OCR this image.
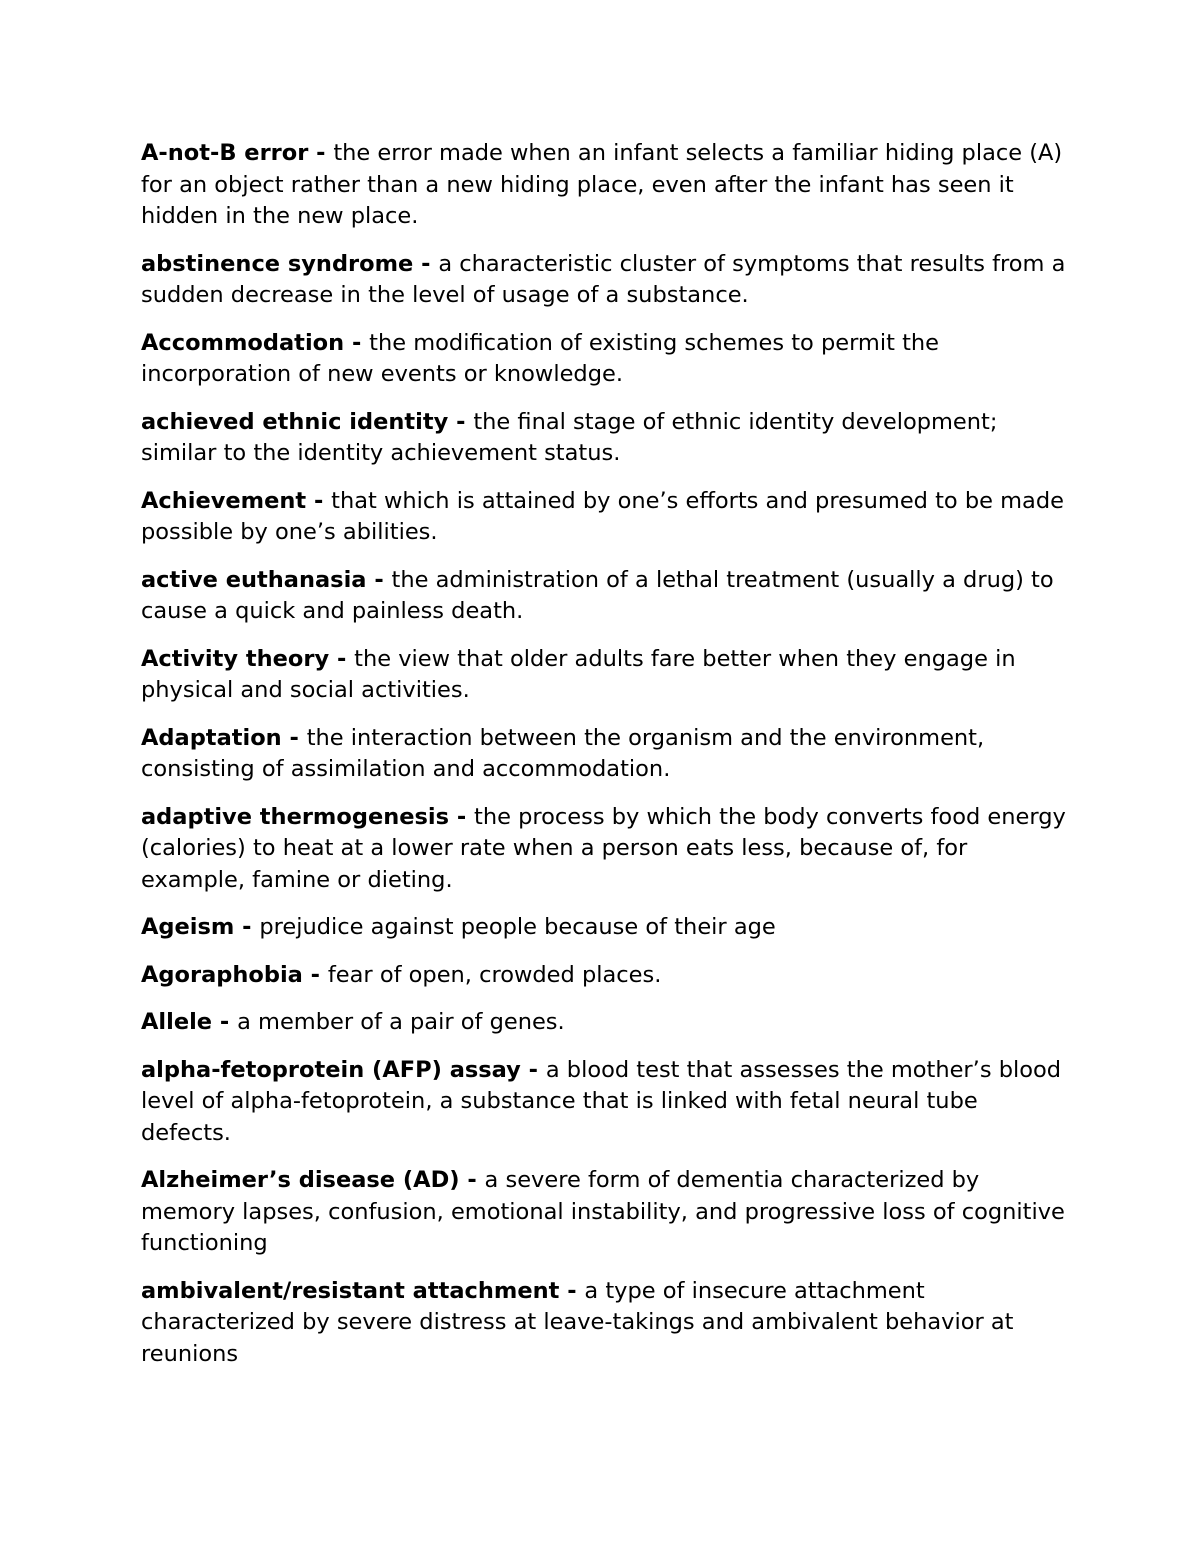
A-not-B error - the error made when an infant selects a familiar hiding place (A) for an object rather than a new hiding place, even after the infant has seen it hidden in the new place.

abstinence syndrome - a characteristic cluster of symptoms that results from a sudden decrease in the level of usage of a substance.

Accommodation - the modification of existing schemes to permit the incorporation of new events or knowledge.

achieved ethnic identity - the final stage of ethnic identity development; similar to the identity achievement status.

Achievement - that which is attained by one’s efforts and presumed to be made possible by one’s abilities.

active euthanasia - the administration of a lethal treatment (usually a drug) to cause a quick and painless death.

Activity theory - the view that older adults fare better when they engage in physical and social activities.

Adaptation - the interaction between the organism and the environment, consisting of assimilation and accommodation.

adaptive thermogenesis - the process by which the body converts food energy (calories) to heat at a lower rate when a person eats less, because of, for example, famine or dieting.

Ageism - prejudice against people because of their age

Agoraphobia - fear of open, crowded places.

Allele - a member of a pair of genes.

alpha-fetoprotein (AFP) assay - a blood test that assesses the mother’s blood level of alpha-fetoprotein, a substance that is linked with fetal neural tube defects.

Alzheimer’s disease (AD) - a severe form of dementia characterized by memory lapses, confusion, emotional instability, and progressive loss of cognitive functioning

ambivalent/resistant attachment - a type of insecure attachment characterized by severe distress at leave-takings and ambivalent behavior at reunions
